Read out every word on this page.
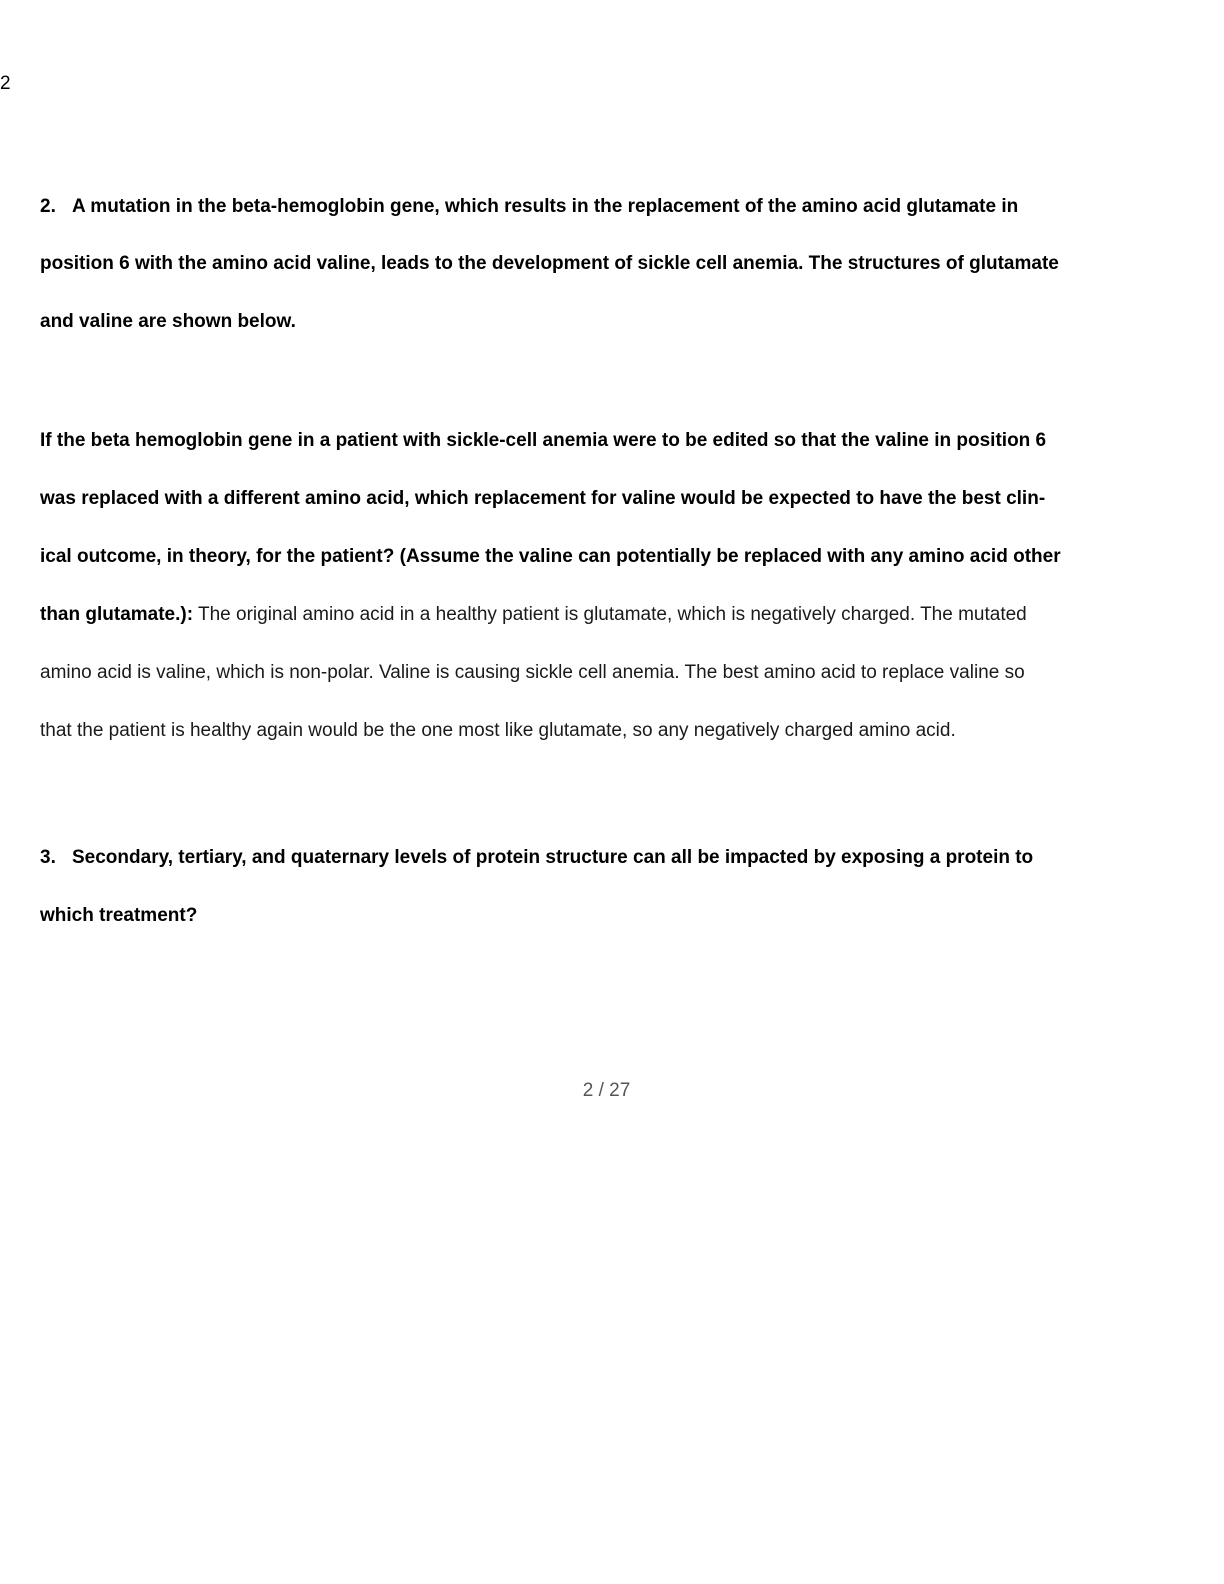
2
2. A mutation in the beta-hemoglobin gene, which results in the replacement of the amino acid glutamate in
position 6 with the amino acid valine, leads to the development of sickle cell anemia. The structures of glutamate
and valine are shown below.
If the beta hemoglobin gene in a patient with sickle-cell anemia were to be edited so that the valine in position 6
was replaced with a different amino acid, which replacement for valine would be expected to have the best clin-
ical outcome, in theory, for the patient? (Assume the valine can potentially be replaced with any amino acid other
than glutamate.): The original amino acid in a healthy patient is glutamate, which is negatively charged. The mutated
amino acid is valine, which is non-polar. Valine is causing sickle cell anemia. The best amino acid to replace valine so
that the patient is healthy again would be the one most like glutamate, so any negatively charged amino acid.
3. Secondary, tertiary, and quaternary levels of protein structure can all be impacted by exposing a protein to
which treatment?
2 / 27
